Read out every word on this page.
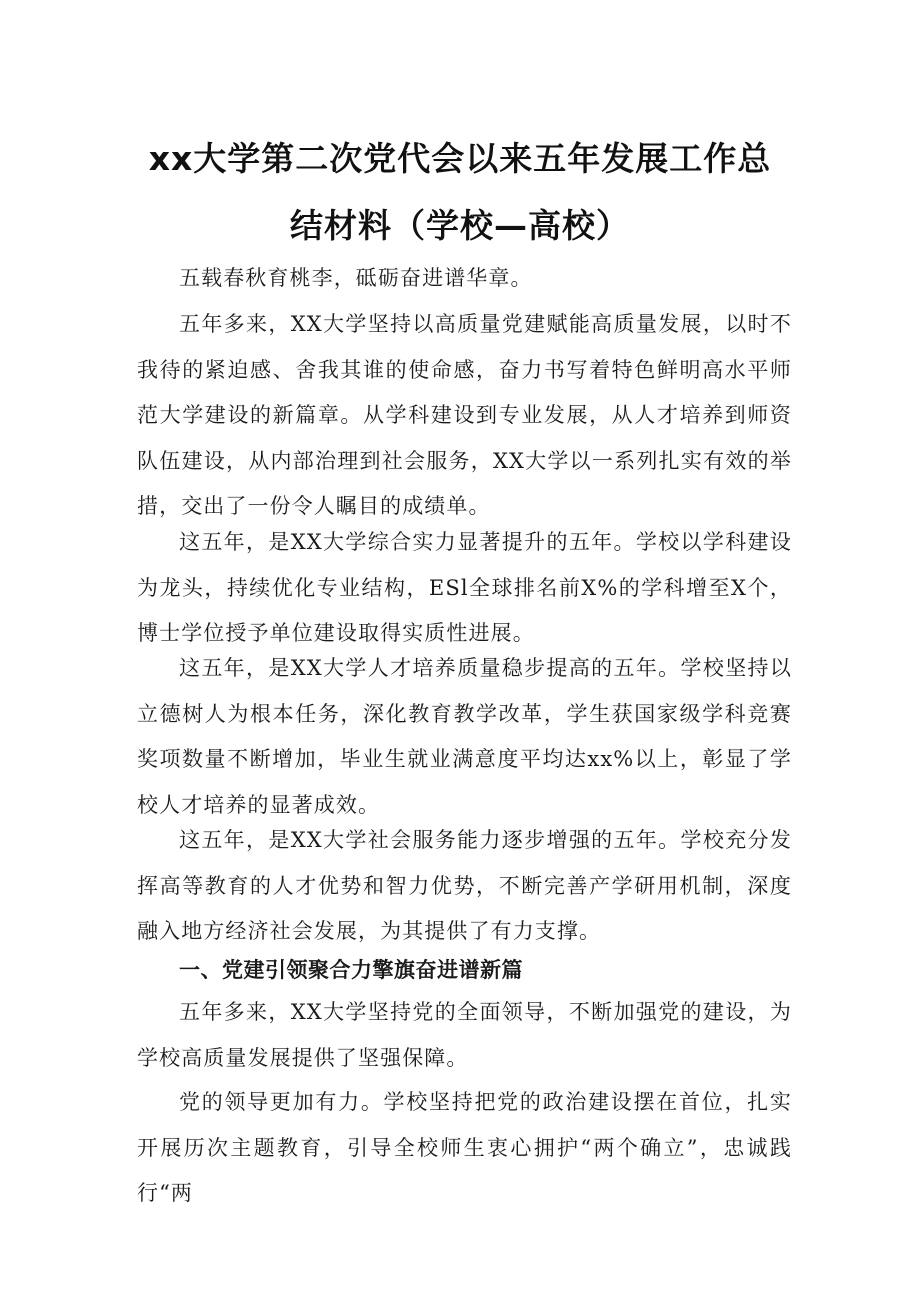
xx大学第二次党代会以来五年发展工作总
结材料（学校—高校）

五载春秋育桃李，砥砺奋进谱华章。

五年多来，XX大学坚持以高质量党建赋能高质量发展，以时不我待的紧迫感、舍我其谁的使命感，奋力书写着特色鲜明高水平师范大学建设的新篇章。从学科建设到专业发展，从人才培养到师资队伍建设，从内部治理到社会服务，XX大学以一系列扎实有效的举措，交出了一份令人瞩目的成绩单。

这五年，是XX大学综合实力显著提升的五年。学校以学科建设为龙头，持续优化专业结构，ESl全球排名前X%的学科增至X个，博士学位授予单位建设取得实质性进展。

这五年，是XX大学人才培养质量稳步提高的五年。学校坚持以立德树人为根本任务，深化教育教学改革，学生获国家级学科竞赛奖项数量不断增加，毕业生就业满意度平均达xx%以上，彰显了学校人才培养的显著成效。

这五年，是XX大学社会服务能力逐步增强的五年。学校充分发挥高等教育的人才优势和智力优势，不断完善产学研用机制，深度融入地方经济社会发展，为其提供了有力支撑。

一、党建引领聚合力擎旗奋进谱新篇

五年多来，XX大学坚持党的全面领导，不断加强党的建设，为学校高质量发展提供了坚强保障。

党的领导更加有力。学校坚持把党的政治建设摆在首位，扎实开展历次主题教育，引导全校师生衷心拥护“两个确立”，忠诚践行“两
